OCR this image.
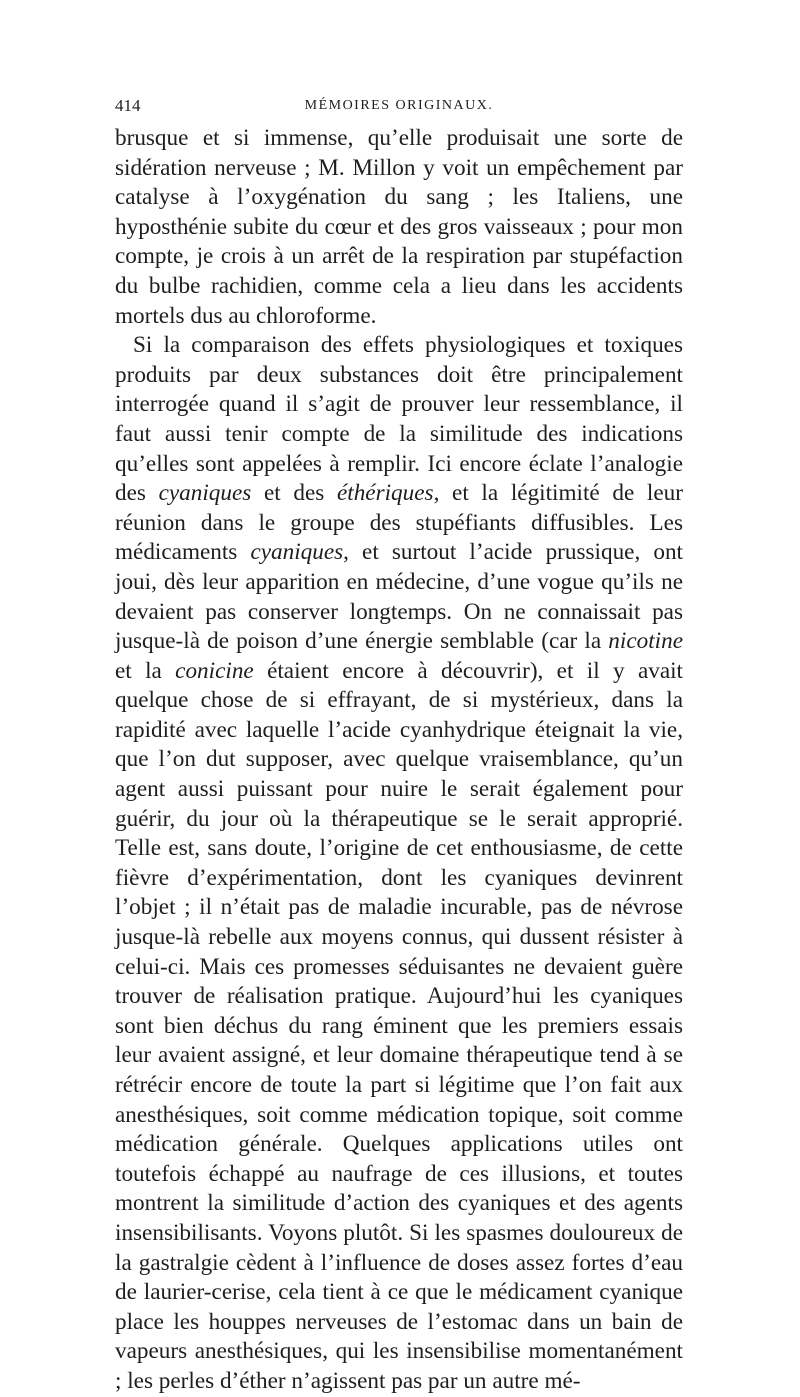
414	MÉMOIRES ORIGINAUX.

brusque et si immense, qu’elle produisait une sorte de sidération nerveuse ; M. Millon y voit un empêchement par catalyse à l’oxygénation du sang ; les Italiens, une hyposthénie subite du cœur et des gros vaisseaux ; pour mon compte, je crois à un arrêt de la respiration par stupéfaction du bulbe rachidien, comme cela a lieu dans les accidents mortels dus au chloroforme.

Si la comparaison des effets physiologiques et toxiques produits par deux substances doit être principalement interrogée quand il s’agit de prouver leur ressemblance, il faut aussi tenir compte de la similitude des indications qu’elles sont appelées à remplir. Ici encore éclate l’analogie des cyaniques et des éthériques, et la légitimité de leur réunion dans le groupe des stupéfiants diffusibles. Les médicaments cyaniques, et surtout l’acide prussique, ont joui, dès leur apparition en médecine, d’une vogue qu’ils ne devaient pas conserver longtemps. On ne connaissait pas jusque-là de poison d’une énergie semblable (car la nicotine et la conicine étaient encore à découvrir), et il y avait quelque chose de si effrayant, de si mystérieux, dans la rapidité avec laquelle l’acide cyanhydrique éteignait la vie, que l’on dut supposer, avec quelque vraisemblance, qu’un agent aussi puissant pour nuire le serait également pour guérir, du jour où la thérapeutique se le serait approprié. Telle est, sans doute, l’origine de cet enthousiasme, de cette fièvre d’expérimentation, dont les cyaniques devinrent l’objet ; il n’était pas de maladie incurable, pas de névrose jusque-là rebelle aux moyens connus, qui dussent résister à celui-ci. Mais ces promesses séduisantes ne devaient guère trouver de réalisation pratique. Aujourd’hui les cyaniques sont bien déchus du rang éminent que les premiers essais leur avaient assigné, et leur domaine thérapeutique tend à se rétrécir encore de toute la part si légitime que l’on fait aux anesthésiques, soit comme médication topique, soit comme médication générale. Quelques applications utiles ont toutefois échappé au naufrage de ces illusions, et toutes montrent la similitude d’action des cyaniques et des agents insensibilisants. Voyons plutôt. Si les spasmes douloureux de la gastralgie cèdent à l’influence de doses assez fortes d’eau de laurier-cerise, cela tient à ce que le médicament cyanique place les houppes nerveuses de l’estomac dans un bain de vapeurs anesthésiques, qui les insensibilise momentanément ; les perles d’éther n’agissent pas par un autre mé-
